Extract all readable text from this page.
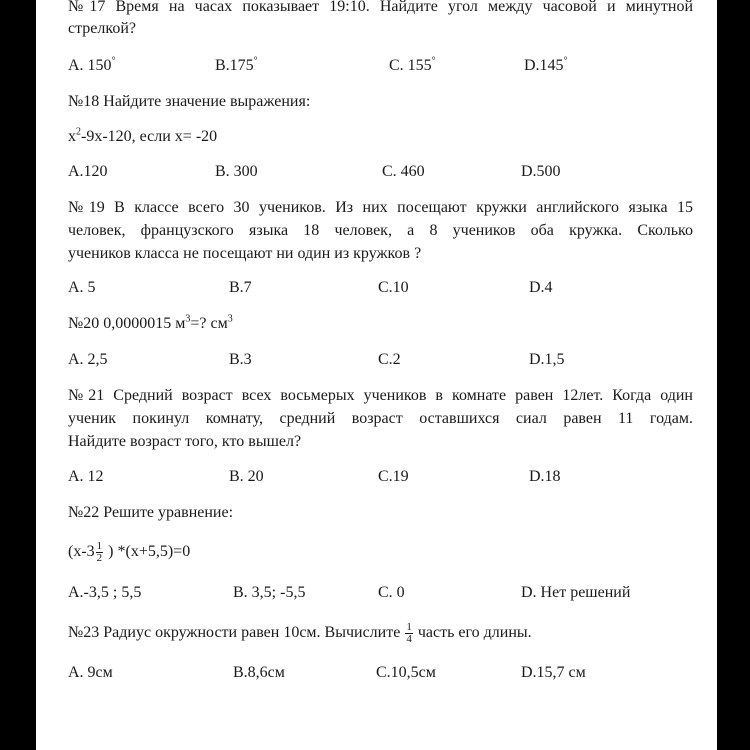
№17 Время на часах показывает 19:10. Найдите угол между часовой и минутной
стрелкой?
A. 150°	B.175°	C. 155°	D.145°
№18 Найдите значение выражения:
$x^2-9x-120$, если x= -20
A.120	B. 300	C. 460	D.500
№19 В классе всего 30 учеников. Из них посещают кружки английского языка 15
человек, французского языка 18 человек, а 8 учеников оба кружка. Сколько
учеников класса не посещают ни один из кружков ?
A. 5	B.7	C.10	D.4
№20 0,0000015 $м^3=$? $см^3$
A. 2,5	B.3	C.2	D.1,5
№21 Средний возраст всех восьмерых учеников в комнате равен 12лет. Когда один
ученик покинул комнату, средний возраст оставшихся сиал равен 11 годам.
Найдите возраст того, кто вышел?
A. 12	B. 20	C.19	D.18
№22 Решите уравнение:
($x-3 \frac{1}{2}$ ) *(x+5,5)=0
A.-3,5 ; 5,5	B. 3,5; -5,5	C. 0	D. Нет решений
№23 Радиус окружности равен 10см. Вычислите $\frac{1}{4}$ часть его длины.
A. 9см	B.8,6см	C.10,5см	D.15,7 см
